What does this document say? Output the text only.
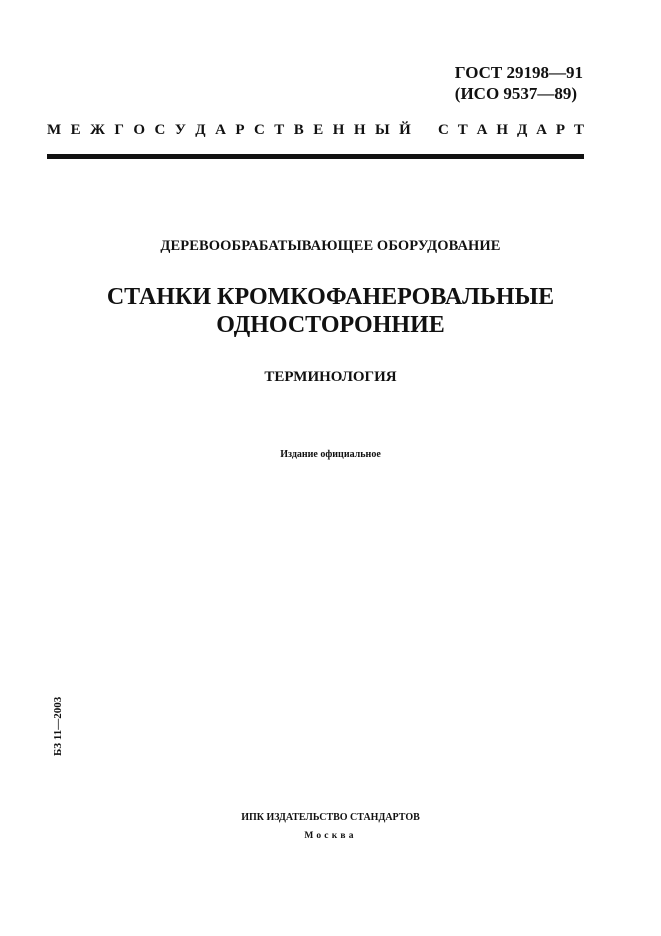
ГОСТ 29198—91
(ИСО 9537—89)
М Е Ж Г О С У Д А Р С Т В Е Н Н Ы Й С Т А Н Д А Р Т
ДЕРЕВООБРАБАТЫВАЮЩЕЕ ОБОРУДОВАНИЕ
СТАНКИ КРОМКОФАНЕРОВАЛЬНЫЕ
ОДНОСТОРОННИЕ
ТЕРМИНОЛОГИЯ
Издание официальное
БЗ 11—2003
ИПК ИЗДАТЕЛЬСТВО СТАНДАРТОВ
Москва
